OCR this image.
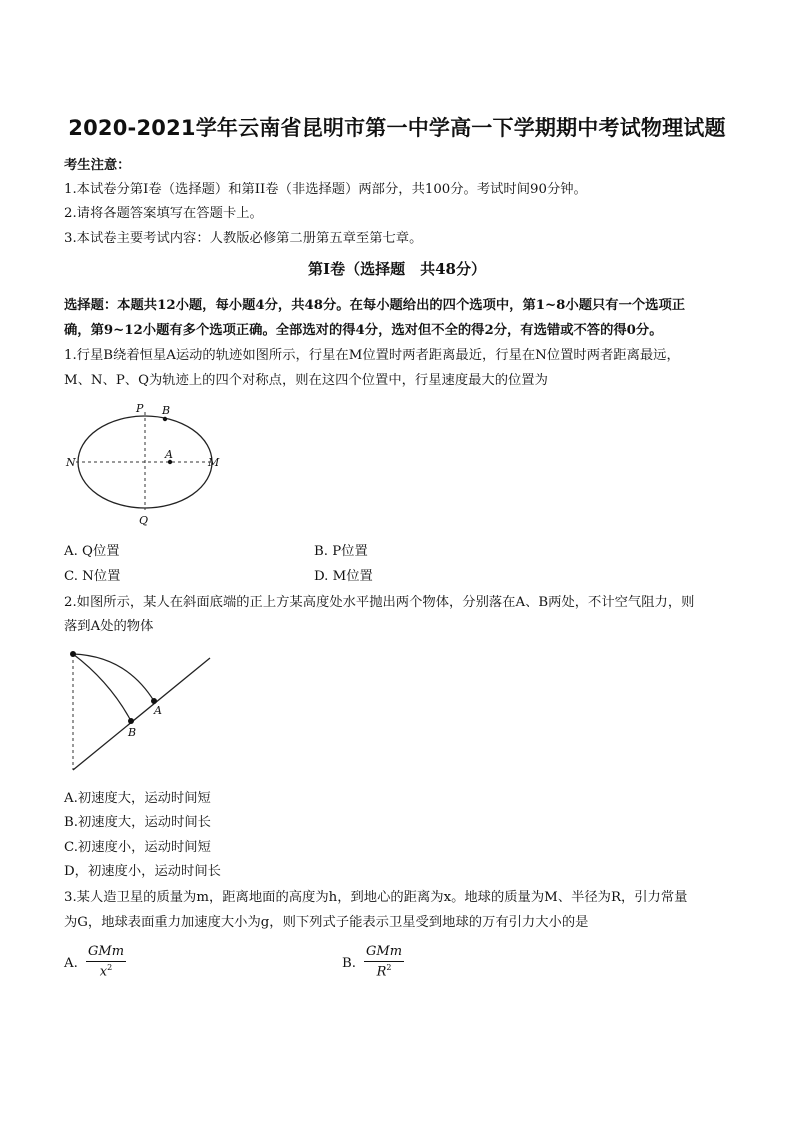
2020-2021学年云南省昆明市第一中学高一下学期期中考试物理试题
考生注意：
1.本试卷分第I卷（选择题）和第II卷（非选择题）两部分，共100分。考试时间90分钟。
2.请将各题答案填写在答题卡上。
3.本试卷主要考试内容：人教版必修第二册第五章至第七章。
第I卷（选择题　共48分）
选择题：本题共12小题，每小题4分，共48分。在每小题给出的四个选项中，第1~8小题只有一个选项正
确，第9~12小题有多个选项正确。全部选对的得4分，选对但不全的得2分，有选错或不答的得0分。
1.行星B绕着恒星A运动的轨迹如图所示，行星在M位置时两者距离最近，行星在N位置时两者距离最远，
M、N、P、Q为轨迹上的四个对称点，则在这四个位置中，行星速度最大的位置为
P B
A
N	M
Q
A. Q位置	B. P位置
C. N位置	D. M位置
2.如图所示，某人在斜面底端的正上方某高度处水平抛出两个物体，分别落在A、B两处，不计空气阻力，则
落到A处的物体
A
B
A.初速度大，运动时间短
B.初速度大，运动时间长
C.初速度小，运动时间短
D，初速度小，运动时间长
3.某人造卫星的质量为m，距离地面的高度为h，到地心的距离为x。地球的质量为M、半径为R，引力常量
为G，地球表面重力加速度大小为g，则下列式子能表示卫星受到地球的万有引力大小的是
A.
GMm
$x^2$	B.
GMm
$R^2$
